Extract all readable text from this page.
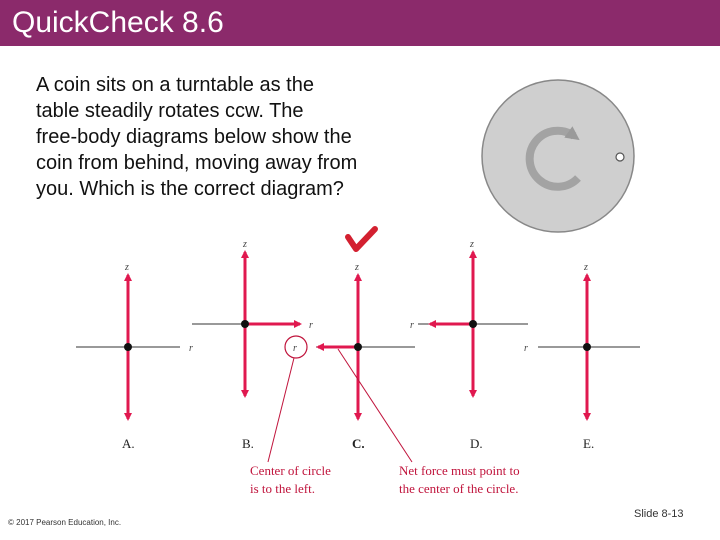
QuickCheck 8.6
A coin sits on a turntable as the
table steadily rotates ccw. The
free-body diagrams below show the
coin from behind, moving away from
you. Which is the correct diagram?
z
r
A.
z
r
B.
z
r
C.
z
r
D.
z
r
E.
Center of circle
is to the left.
Net force must point to
the center of the circle.
© 2017 Pearson Education, Inc.
Slide 8-13
